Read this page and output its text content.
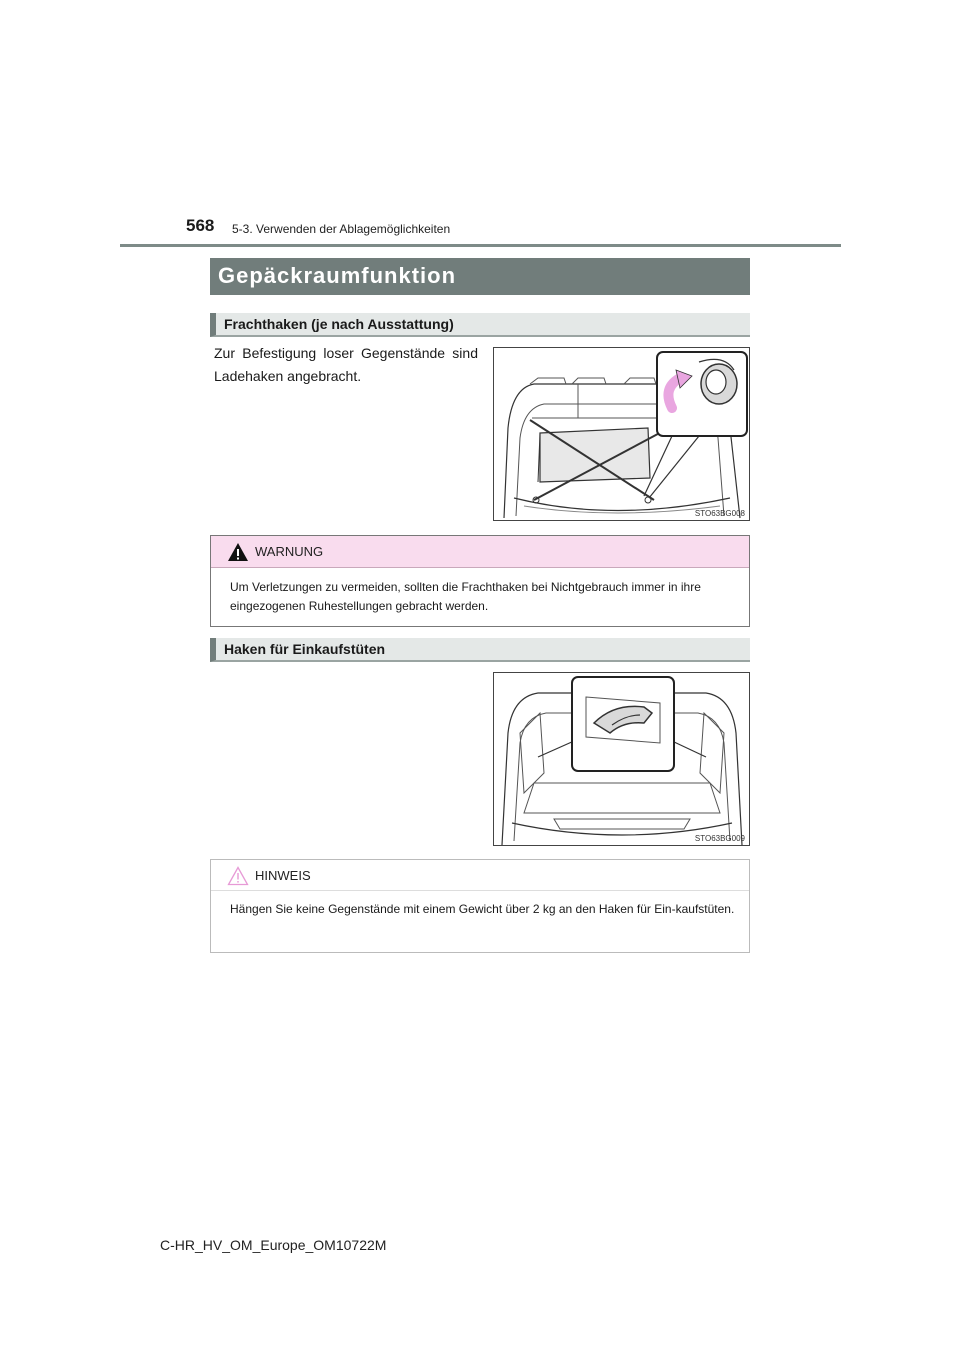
568 5-3. Verwenden der Ablagemöglichkeiten
Gepäckraumfunktion
Frachthaken (je nach Ausstattung)
Zur Befestigung loser Gegenstände sind Ladehaken angebracht.
STO63BG008
WARNUNG
Um Verletzungen zu vermeiden, sollten die Frachthaken bei Nichtgebrauch immer in ihre eingezogenen Ruhestellungen gebracht werden.
Haken für Einkaufstüten
STO63BG009
HINWEIS
Hängen Sie keine Gegenstände mit einem Gewicht über 2 kg an den Haken für Ein-kaufstüten.
C-HR_HV_OM_Europe_OM10722M
